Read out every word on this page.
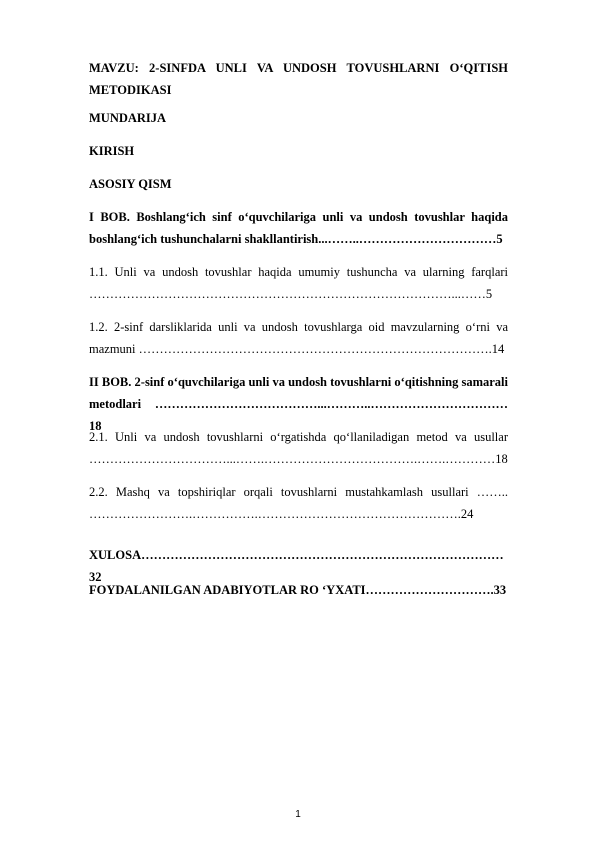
MAVZU: 2-SINFDA UNLI VA UNDOSH TOVUSHLARNI O‘QITISH METODIKASI
MUNDARIJA
KIRISH
ASOSIY QISM
I BOB. Boshlang‘ich sinf o‘quvchilariga unli va undosh tovushlar haqida boshlang‘ich tushunchalarni shakllantirish...……..……………………………5
1.1. Unli va undosh tovushlar haqida umumiy tushuncha va ularning farqlari ……………………………………………………………………………...……5
1.2. 2-sinf darsliklarida unli va undosh tovushlarga oid mavzularning o‘rni va mazmuni ………………………………………………………………………….14
II BOB. 2-sinf o‘quvchilariga unli va undosh tovushlarni o‘qitishning samarali metodlari …………………………………...………..……………………………18
2.1. Unli va undosh tovushlarni o‘rgatishda qo‘llaniladigan metod va usullar ……………………………...…….……………………………….…….…………18
2.2. Mashq va topshiriqlar orqali tovushlarni mustahkamlash usullari …….. …………………….…………….………………………………………….24
XULOSA……………………………………………………………………………32
FOYDALANILGAN ADABIYOTLAR RO ‘YXATI………………………….33
1
